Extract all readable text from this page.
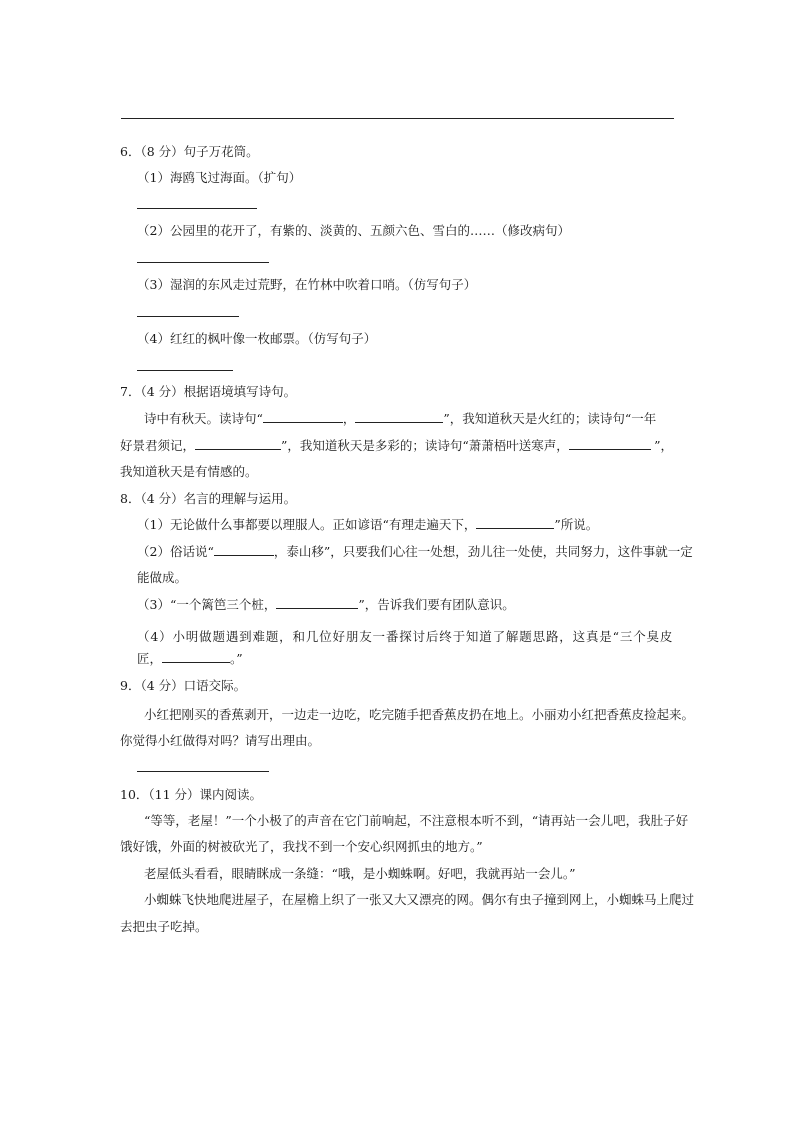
6．（8 分）句子万花筒。
（1）海鸥飞过海面。（扩句）
（2）公园里的花开了，有紫的、淡黄的、五颜六色、雪白的……（修改病句）
（3）湿润的东风走过荒野，在竹林中吹着口哨。（仿写句子）
（4）红红的枫叶像一枚邮票。（仿写句子）
7．（4 分）根据语境填写诗句。
诗中有秋天。读诗句“	，	”，我知道秋天是火红的；读诗句“一年
好景君须记，	”，我知道秋天是多彩的；读诗句“萧萧梧叶送寒声，	”，
我知道秋天是有情感的。
8．（4 分）名言的理解与运用。
（1）无论做什么事都要以理服人。正如谚语“有理走遍天下，	”所说。
（2）俗话说“	，泰山移”，只要我们心往一处想，劲儿往一处使，共同努力，这件事就一定
能做成。
（3）“一个篱笆三个桩，	”，告诉我们要有团队意识。
（4）小明做题遇到难题，和几位好朋友一番探讨后终于知道了解题思路，这真是“三个臭皮
匠，	。”
9．（4 分）口语交际。
小红把刚买的香蕉剥开，一边走一边吃，吃完随手把香蕉皮扔在地上。小丽劝小红把香蕉皮捡起来。
你觉得小红做得对吗？请写出理由。
10．（11 分）课内阅读。
“等等，老屋！”一个小极了的声音在它门前响起，不注意根本听不到，“请再站一会儿吧，我肚子好
饿好饿，外面的树被砍光了，我找不到一个安心织网抓虫的地方。”
老屋低头看看，眼睛眯成一条缝：“哦，是小蜘蛛啊。好吧，我就再站一会儿。”
小蜘蛛飞快地爬进屋子，在屋檐上织了一张又大又漂亮的网。偶尔有虫子撞到网上，小蜘蛛马上爬过
去把虫子吃掉。
